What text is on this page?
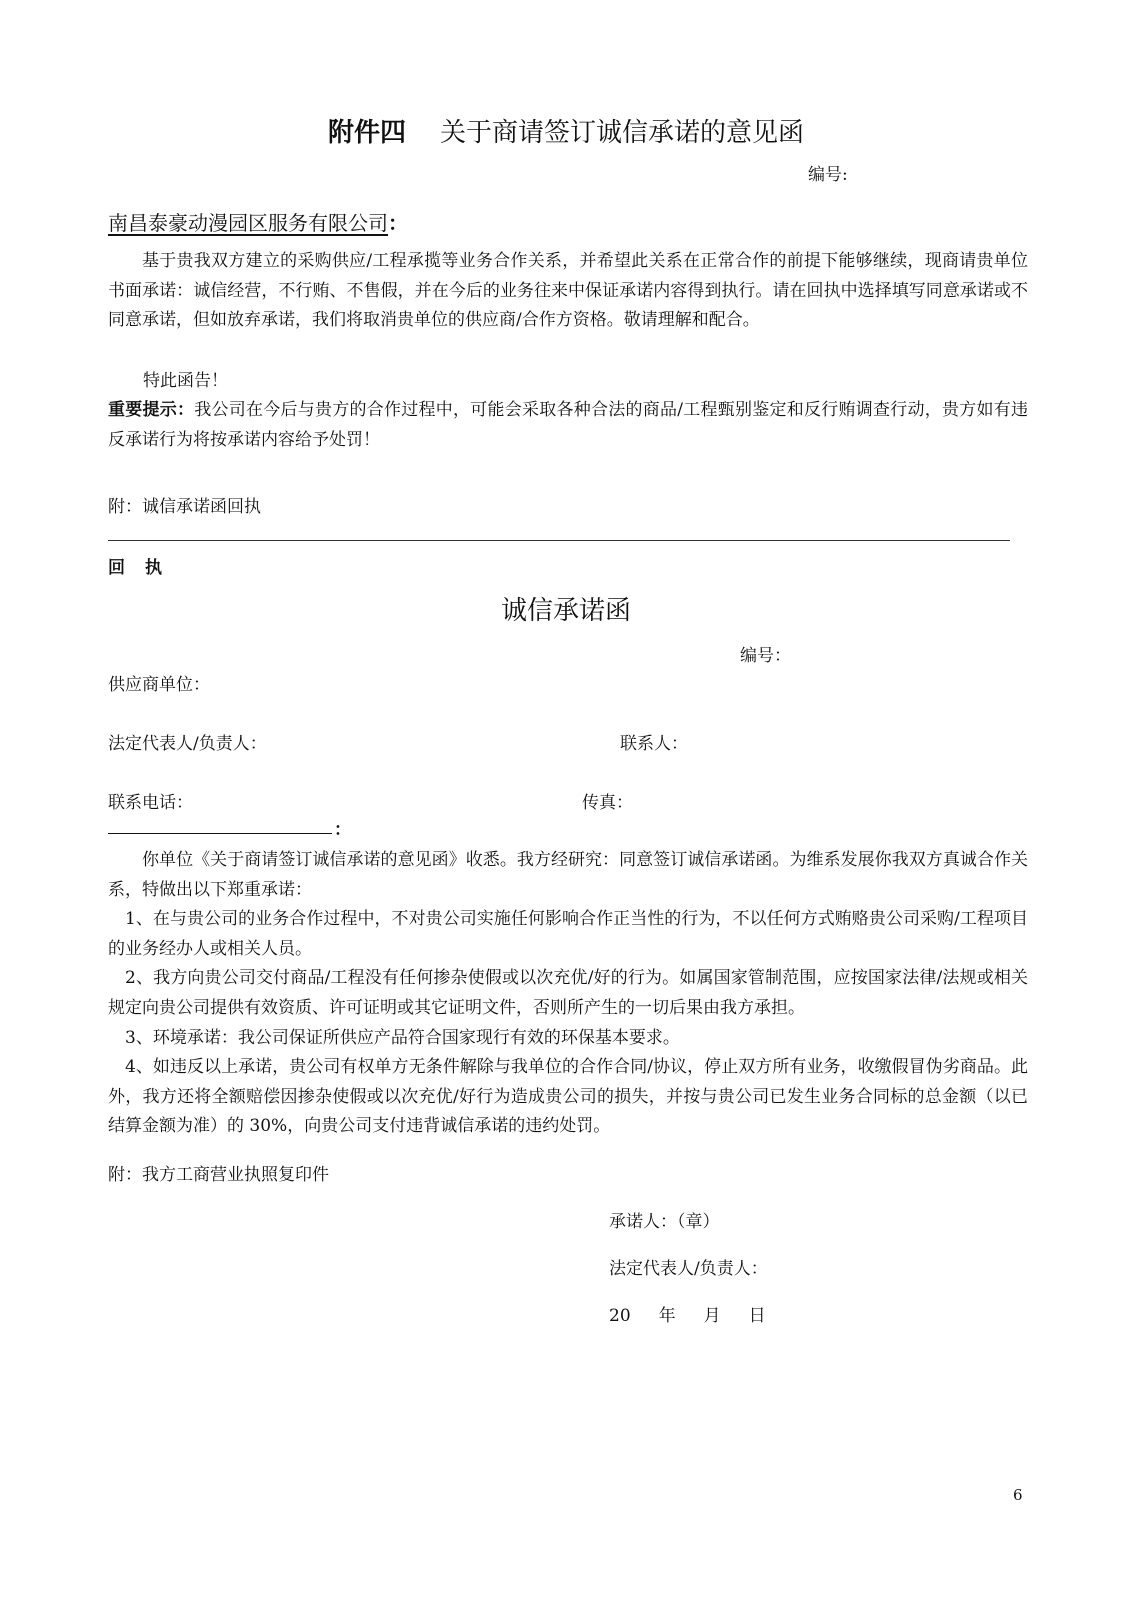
附件四 关于商请签订诚信承诺的意见函
编号:
南昌泰豪动漫园区服务有限公司：

基于贵我双方建立的采购供应/工程承揽等业务合作关系，并希望此关系在正常合作的前提下能够继续，现商请贵单位书面承诺：诚信经营，不行贿、不售假，并在今后的业务往来中保证承诺内容得到执行。请在回执中选择填写同意承诺或不同意承诺，但如放弃承诺，我们将取消贵单位的供应商/合作方资格。敬请理解和配合。

特此函告！

重要提示：我公司在今后与贵方的合作过程中，可能会采取各种合法的商品/工程甄别鉴定和反行贿调查行动，贵方如有违反承诺行为将按承诺内容给予处罚！

附：诚信承诺函回执
回执
诚信承诺函
编号：
供应商单位：
法定代表人/负责人：	联系人：
联系电话：	传真：
：

你单位《关于商请签订诚信承诺的意见函》收悉。我方经研究：同意签订诚信承诺函。为维系发展你我双方真诚合作关系，特做出以下郑重承诺：

1、在与贵公司的业务合作过程中，不对贵公司实施任何影响合作正当性的行为，不以任何方式贿赂贵公司采购/工程项目的业务经办人或相关人员。

2、我方向贵公司交付商品/工程没有任何掺杂使假或以次充优/好的行为。如属国家管制范围，应按国家法律/法规或相关规定向贵公司提供有效资质、许可证明或其它证明文件，否则所产生的一切后果由我方承担。

3、环境承诺：我公司保证所供应产品符合国家现行有效的环保基本要求。

4、如违反以上承诺，贵公司有权单方无条件解除与我单位的合作合同/协议，停止双方所有业务，收缴假冒伪劣商品。此外，我方还将全额赔偿因掺杂使假或以次充优/好行为造成贵公司的损失，并按与贵公司已发生业务合同标的总金额（以已结算金额为准）的 30%，向贵公司支付违背诚信承诺的违约处罚。

附：我方工商营业执照复印件
承诺人：（章）
法定代表人/负责人：
20 年 月 日
6
